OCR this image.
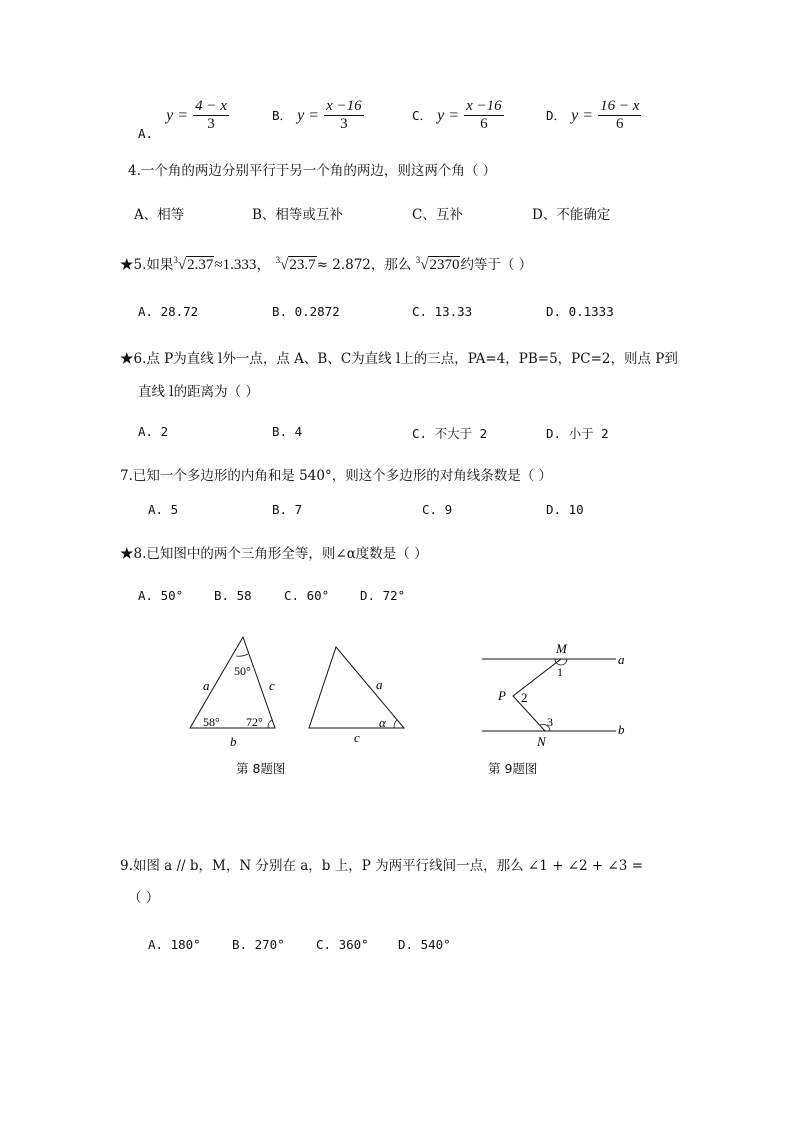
$_{A.}$ $y = \frac{4 - x}{3}$	B． $y = \frac{x -16}{3}$	C． $y = \frac{x -16}{6}$	D． $y = \frac{16 - x}{6}$
4.一个角的两边分别平行于另一个角的两边，则这两个角（ ）
A、相等	B、相等或互补	C、互补	D、不能确定
★5.如果$^3$√2.37≈1.333， $^3$√23.7≈ 2.872，那么 $^3$√2370约等于（ ）
A. 28.72	B. 0.2872	C. 13.33	D. 0.1333
★6.点 P为直线 l外一点，点 A、B、C为直线 l上的三点，PA=4，PB=5，PC=2，则点 P到
直线 l的距离为（ ）
A. 2	B. 4	C. 不大于 2	D. 小于 2
7.已知一个多边形的内角和是 540°，则这个多边形的对角线条数是（ ）
A. 5	B. 7	C. 9	D. 10
★8.已知图中的两个三角形全等，则∠α度数是（ ）
A. 50° B. 58	C. 60° D. 72°
50°
58° 72°
a	c
b
a
c
α
第 8题图
M
1
P 2
3
N
a
b
第 9题图
9.如图 a // b，M，N 分别在 a，b 上，P 为两平行线间一点，那么 ∠1 + ∠2 + ∠3 =
（ ）
A. 180°	B. 270°	C. 360° D. 540°
